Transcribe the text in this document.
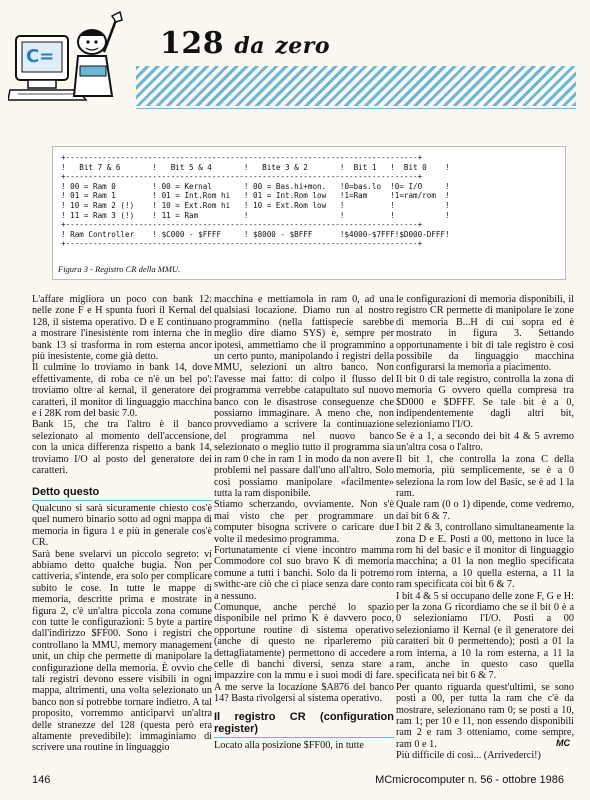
C=	128 da zero
+-----------------------------------------------------------------------------+
!   Bit 7 & 6       !   Bit 5 & 4       !   Bite 3 & 2       !  Bit 1   !  Bit 0    !
+-----------------------------------------------------------------------------+
! 00 = Ram 0        ! 00 = Kernal       ! 00 = Bas.hi+mon.   !0=bas.lo  !0= I/O     !
! 01 = Ram 1        ! 01 = Int.Rom hi   ! 01 = Int.Rom low   !1=Ram     !1=ram/rom  !
! 10 = Ram 2 (!)    ! 10 = Ext.Rom hi   ! 10 = Ext.Rom low   !          !           !
! 11 = Ram 3 (!)    ! 11 = Ram          !                    !          !           !
+-----------------------------------------------------------------------------+
! Ram Controller    ! $C000 - $FFFF     ! $8000 - $BFFF      !$4000-$7FFF!$D000-DFFF!
+-----------------------------------------------------------------------------+
Figura 3 - Registro CR della MMU.

L'affare migliora un poco con bank 12: nelle zone F e H spunta fuori il Kernal del 128, il sistema operativo. D e E continuano a mostrare l'inesistente rom interna che in bank 13 si trasforma in rom esterna ancor più inesistente, come già detto.

Il culmine lo troviamo in bank 14, dove effettivamente, di roba ce n'è un bel po': troviamo oltre al kernal, il generatore dei caratteri, il monitor di linguaggio macchina e i 28K rom del basic 7.0.

Bank 15, che tra l'altro è il banco selezionato al momento dell'accensione, con la unica differenza rispetto a bank 14, troviamo I/O al posto del generatore dei caratteri.

Detto questo

Qualcuno si sarà sicuramente chiesto cos'è quel numero binario sotto ad ogni mappa di memoria in figura 1 e più in generale cos'è CR.

Sarà bene svelarvi un piccolo segreto: vi abbiamo detto qualche bugia. Non per cattiveria, s'intende, era solo per complicare subito le cose. In tutte le mappe di memoria, descritte prima e mostrate in figura 2, c'è un'altra piccola zona comune con tutte le configurazioni: 5 byte a partire dall'indirizzo $FF00. Sono i registri che controllano la MMU, memory management unit, un chip che permette di manipolare la configurazione della memoria. È ovvio che tali registri devono essere visibili in ogni mappa, altrimenti, una volta selezionato un banco non si potrebbe tornare indietro. A tal proposito, vorremmo anticiparvi un'altra delle stranezze del 128 (questa però era altamente prevedibile): immaginiamo di scrivere una routine in linguaggio

macchina e mettiamola in ram 0, ad una qualsiasi locazione. Diamo run al nostro programmino (nella fattispecie sarebbe meglio dire diamo SYS) e, sempre per ipotesi, ammettiamo che il programmino a un certo punto, manipolando i registri della MMU, selezioni un altro banco. Non l'avesse mai fatto: di colpo il flusso del programma verrebbe catapultato sul nuovo banco con le disastrose conseguenze che possiamo immaginare. A meno che, non provvediamo a scrivere la continuazione del programma nel nuovo banco selezionato o meglio tutto il programma sia in ram 0 che in ram 1 in modo da non avere problemi nel passare dall'uno all'altro. Solo così possiamo manipolare «facilmente» tutta la ram disponibile.

Stiamo scherzando, ovviamente. Non s'è mai visto che per programmare un computer bisogna scrivere o caricare due volte il medesimo programma.

Fortunatamente ci viene incontro mamma Commodore col suo bravo K di memoria comune a tutti i banchi. Solo da li potremo swithc-are ciò che ci piace senza dare conto a nessuno.

Comunque, anche perché lo spazio disponibile nel primo K è davvero poco, opportune routine di sistema operativo (anche di questo ne riparleremo più dettagliatamente) permettono di accedere a celle di banchi diversi, senza stare a impazzire con la mmu e i suoi modi di fare. A me serve la locazione $A876 del banco 14? Basta rivolgersi al sistema operativo.

Il registro CR (configuration register)

Locato alla posizione $FF00, in tutte

le configurazioni di memoria disponibili, il registro CR permette di manipolare le zone di memoria B...H di cui sopra ed è mostrato in figura 3. Settando opportunamente i bit di tale registro è così possibile da linguaggio macchina configurarsi la memoria a piacimento.

Il bit 0 di tale registro, controlla la zona di memoria G ovvero quella compresa tra $D000 e $DFFF. Se tale bit è a 0, indipendentemente dagli altri bit, selezioniamo l'I/O.

Se è a 1, a secondo dei bit 4 & 5 avremo un'altra cosa o l'altro.

Il bit 1, che controlla la zona C della memoria, più semplicemente, se è a 0 seleziona la rom low del Basic, se è ad 1 la ram.

Quale ram (0 o 1) dipende, come vedremo, dai bit 6 & 7.

I bit 2 & 3, controllano simultaneamente la zona D e E. Posti a 00, mettono in luce la rom hi del basic e il monitor di linguaggio macchina; a 01 la non meglio specificata rom interna, a 10 quella esterna, a 11 la ram specificata coi bit 6 & 7.

I bit 4 & 5 si occupano delle zone F, G e H: per la zona G ricordiamo che se il bit 0 è a 0 selezioniamo l'I/O. Posti a 00 selezioniamo il Kernal (e il generatore dei caratteri bit 0 permettendo); posti a 01 la rom interna, a 10 la rom esterna, a 11 la ram, anche in questo caso quella specificata nei bit 6 & 7.

Per quanto riguarda quest'ultimi, se sono posti a 00, per tutta la ram che c'è da mostrare, selezionano ram 0; se posti a 10, ram 1; per 10 e 11, non essendo disponibili ram 2 e ram 3 otteniamo, come sempre, ram 0 e 1.

Più difficile di così... (Arrivederci!)

MC
146	MCmicrocomputer n. 56 - ottobre 1986
